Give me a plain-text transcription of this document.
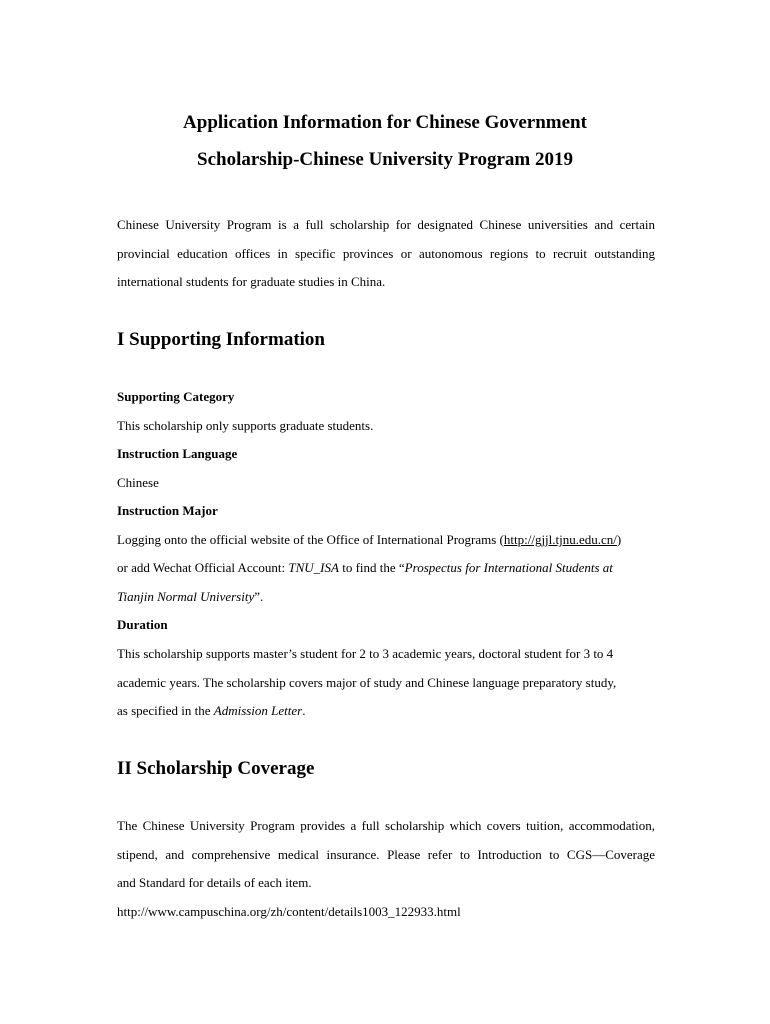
Application Information for Chinese Government
Scholarship-Chinese University Program 2019

Chinese University Program is a full scholarship for designated Chinese universities and certain

provincial education offices in specific provinces or autonomous regions to recruit outstanding

international students for graduate studies in China.

I Supporting Information

Supporting Category

This scholarship only supports graduate students.

Instruction Language

Chinese

Instruction Major

Logging onto the official website of the Office of International Programs (http://gjjl.tjnu.edu.cn/)

or add Wechat Official Account: TNU_ISA to find the “Prospectus for International Students at

Tianjin Normal University”.

Duration

This scholarship supports master’s student for 2 to 3 academic years, doctoral student for 3 to 4

academic years. The scholarship covers major of study and Chinese language preparatory study,

as specified in the Admission Letter.

II Scholarship Coverage

The Chinese University Program provides a full scholarship which covers tuition, accommodation,

stipend, and comprehensive medical insurance. Please refer to Introduction to CGS—Coverage

and Standard for details of each item.

http://www.campuschina.org/zh/content/details1003_122933.html
